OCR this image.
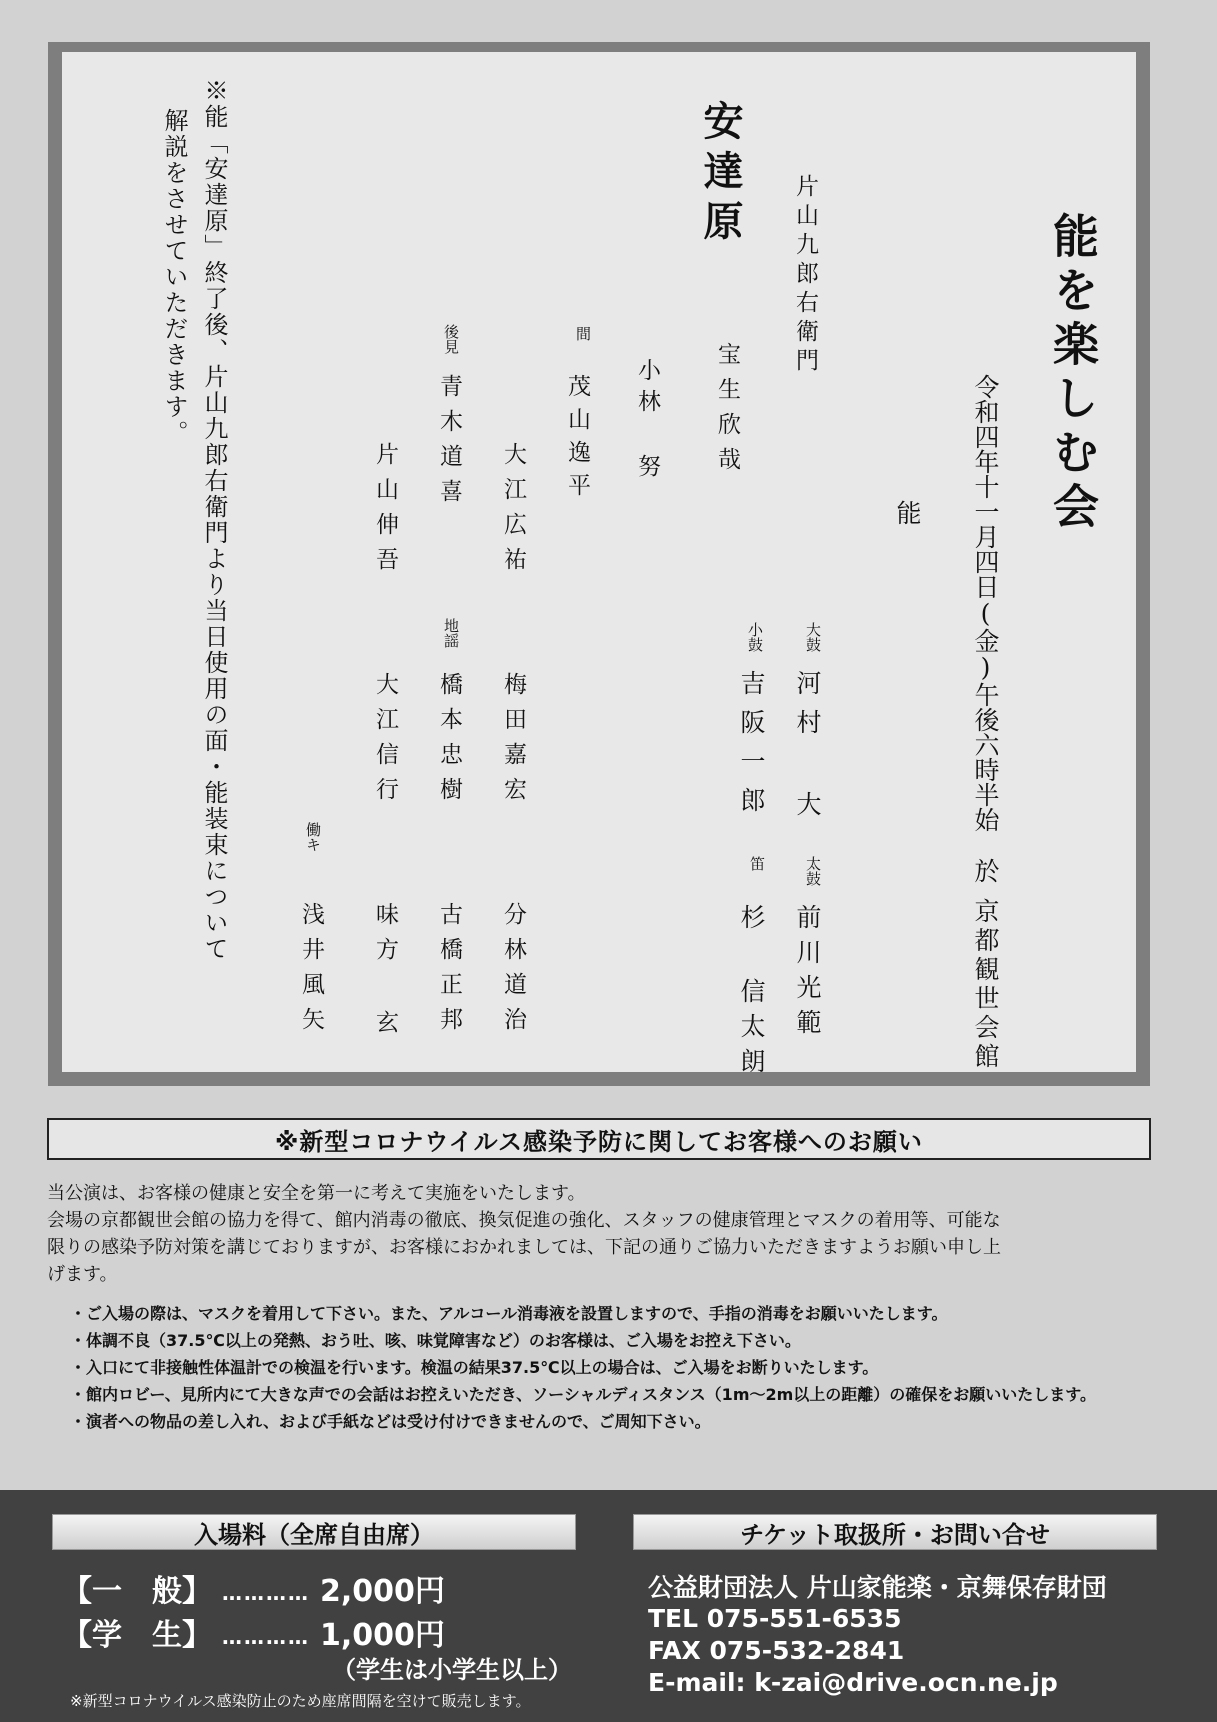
能を楽しむ会
令和四年十一月四日(金)午後六時半始
於
京都観世会館
能
片山九郎右衛門
大鼓
河村 大
太鼓
前川光範
安達原
宝生欣哉
小鼓
吉阪一郎
笛
杉 信太朗
小林 努
間
茂山逸平
大江広祐
梅田嘉宏
分林道治
後見
青木道喜
地謡
橋本忠樹
古橋正邦
片山伸吾
大江信行
味方 玄
働キ
浅井風矢
※能「安達原」終了後、片山九郎右衛門より当日使用の面・能装束について
解説をさせていただきます。
※新型コロナウイルス感染予防に関してお客様へのお願い

当公演は、お客様の健康と安全を第一に考えて実施をいたします。

会場の京都観世会館の協力を得て、館内消毒の徹底、換気促進の強化、スタッフの健康管理とマスクの着用等、可能な

限りの感染予防対策を講じておりますが、お客様におかれましては、下記の通りご協力いただきますようお願い申し上

げます。

・ ご入場の際は、マスクを着用して下さい。また、アルコール消毒液を設置しますので、手指の消毒をお願いいたします。
・ 体調不良（37.5℃以上の発熱、おう吐、咳、味覚障害など）のお客様は、ご入場をお控え下さい。
・ 入口にて非接触性体温計での検温を行います。検温の結果37.5℃以上の場合は、ご入場をお断りいたします。
・ 館内ロビー、見所内にて大きな声での会話はお控えいただき、ソーシャルディスタンス（1m～2m以上の距離）の確保をお願いいたします。
・ 演者への物品の差し入れ、および手紙などは受け付けできませんので、ご周知下さい。
入場料（全席自由席）	チケット取扱所・お問い合せ
【一　般】 ………… 2,000円
【学　生】 ………… 1,000円
（学生は小学生以上）
※新型コロナウイルス感染防止のため座席間隔を空けて販売します。
公益財団法人 片山家能楽・京舞保存財団
TEL 075-551-6535
FAX 075-532-2841
E-mail: k-zai@drive.ocn.ne.jp
